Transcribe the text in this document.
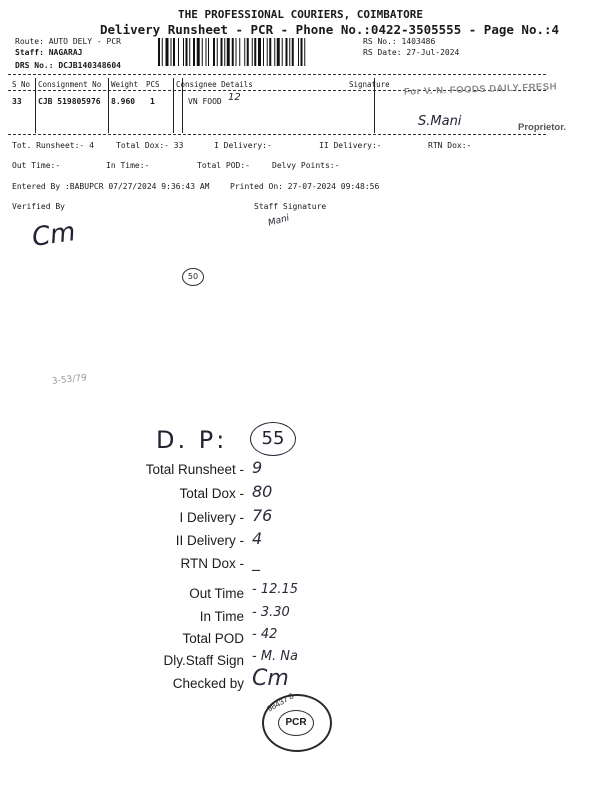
THE PROFESSIONAL COURIERS, COIMBATORE
Delivery Runsheet - PCR - Phone No.:0422-3505555 - Page No.:4
Route: AUTO DELY - PCR
Staff: NAGARAJ
DRS No.: DCJB140348604
RS No.: 1403486
RS Date: 27-Jul-2024
S No Consignment No Weight PCS Consignee Details	Signature
33 CJB 519805976 8.960 1	VN FOOD 12	For V. N. FOODS DAILY FRESH
S.Mani	Proprietor.
Tot. Runsheet:- 4	Total Dox:- 33	I Delivery:-	II Delivery:-	RTN Dox:-
Out Time:-	In Time:-	Total POD:-	Delvy Points:-
Entered By :BABUPCR 07/27/2024 9:36:43 AM	Printed On: 27-07-2024 09:48:56
Verified By	Staff Signature
Cm	Mani
50
3-53/79
D. P:	55
Total Runsheet - 9
Total Dox - 80
I Delivery - 76
II Delivery - 4
RTN Dox - _
Out Time - 12.15
In Time - 3.30
Total POD - 42
Dly.Staff Sign - M. Na
Checked by Cm
PCR
98437 8
